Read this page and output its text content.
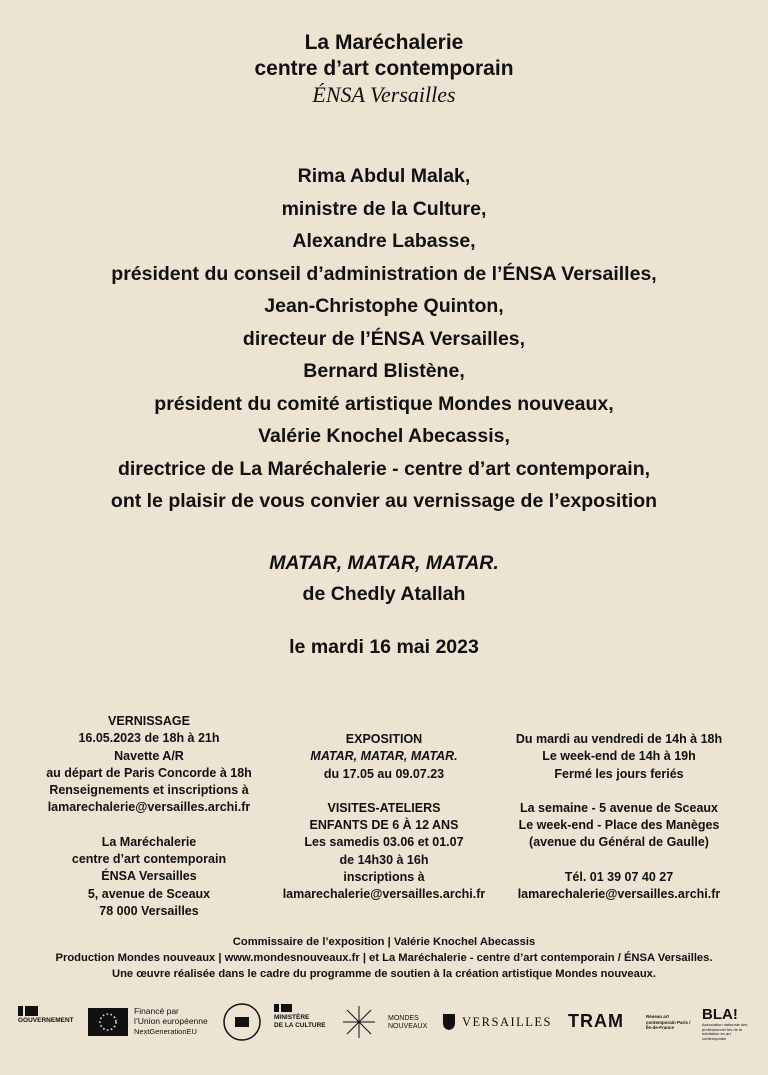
La Maréchalerie
centre d’art contemporain
ÉNSA Versailles
Rima Abdul Malak,
ministre de la Culture,
Alexandre Labasse,
président du conseil d’administration de l’ÉNSA Versailles,
Jean-Christophe Quinton,
directeur de l’ÉNSA Versailles,
Bernard Blistène,
président du comité artistique Mondes nouveaux,
Valérie Knochel Abecassis,
directrice de La Maréchalerie - centre d’art contemporain,
ont le plaisir de vous convier au vernissage de l’exposition
MATAR, MATAR, MATAR.
de Chedly Atallah
le mardi 16 mai 2023
VERNISSAGE
16.05.2023 de 18h à 21h
Navette A/R
au départ de Paris Concorde à 18h
Renseignements et inscriptions à
lamarechalerie@versailles.archi.fr
La Maréchalerie
centre d’art contemporain
ÉNSA Versailles
5, avenue de Sceaux
78 000 Versailles
EXPOSITION
MATAR, MATAR, MATAR.
du 17.05 au 09.07.23
VISITES-ATELIERS
ENFANTS DE 6 À 12 ANS
Les samedis 03.06 et 01.07
de 14h30 à 16h
inscriptions à
lamarechalerie@versailles.archi.fr
Du mardi au vendredi de 14h à 18h
Le week-end de 14h à 19h
Fermé les jours feriés
La semaine - 5 avenue de Sceaux
Le week-end - Place des Manèges
(avenue du Général de Gaulle)
Tél. 01 39 07 40 27
lamarechalerie@versailles.archi.fr
Commissaire de l’exposition | Valérie Knochel Abecassis
Production Mondes nouveaux | www.mondesnouveaux.fr | et La Maréchalerie - centre d’art contemporain / ÉNSA Versailles.
Une œuvre réalisée dans le cadre du programme de soutien à la création artistique Mondes nouveaux.
GOUVERNEMENT
Financé par
l’Union européenne
NextGenerationEU
MINISTÈRE
DE LA CULTURE
MONDES
NOUVEAUX	VERSAILLES TRAM	Réseau art contemporain Paris / Île-de-France
BLA!
Association nationale des professionnel·les de la médiation en art contemporain
